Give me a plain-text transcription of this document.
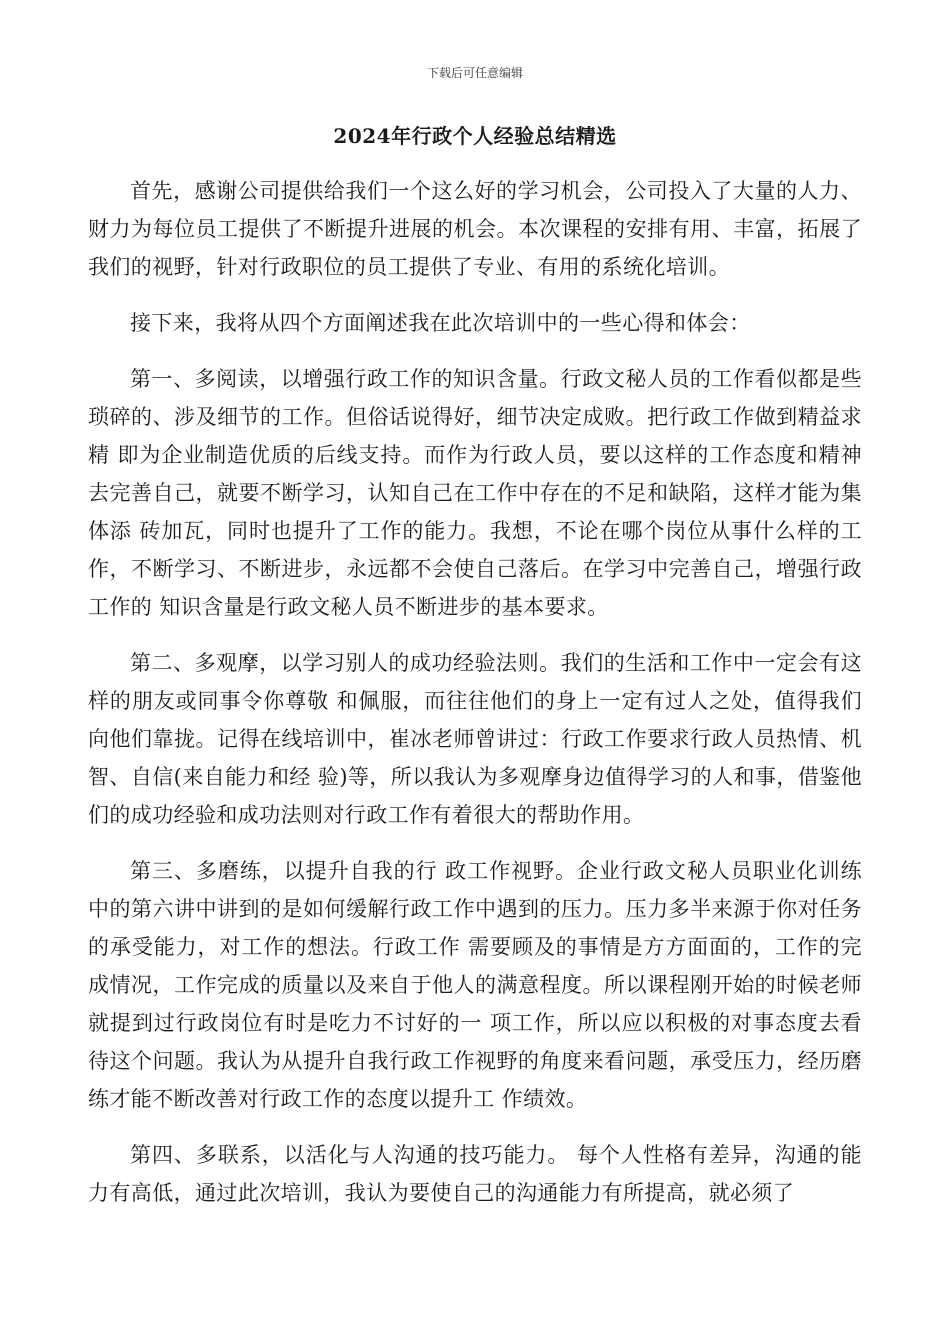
下载后可任意编辑
2024年行政个人经验总结精选

首先，感谢公司提供给我们一个这么好的学习机会，公司投入了大量的人力、财力为每位员工提供了不断提升进展的机会。本次课程的安排有用、丰富，拓展了我们的视野，针对行政职位的员工提供了专业、有用的系统化培训。

接下来，我将从四个方面阐述我在此次培训中的一些心得和体会：

第一、多阅读，以增强行政工作的知识含量。行政文秘人员的工作看似都是些琐碎的、涉及细节的工作。但俗话说得好，细节决定成败。把行政工作做到精益求精 即为企业制造优质的后线支持。而作为行政人员，要以这样的工作态度和精神去完善自己，就要不断学习，认知自己在工作中存在的不足和缺陷，这样才能为集体添 砖加瓦，同时也提升了工作的能力。我想，不论在哪个岗位从事什么样的工作，不断学习、不断进步，永远都不会使自己落后。在学习中完善自己，增强行政工作的 知识含量是行政文秘人员不断进步的基本要求。

第二、多观摩，以学习别人的成功经验法则。我们的生活和工作中一定会有这样的朋友或同事令你尊敬 和佩服，而往往他们的身上一定有过人之处，值得我们向他们靠拢。记得在线培训中，崔冰老师曾讲过：行政工作要求行政人员热情、机智、自信(来自能力和经 验)等，所以我认为多观摩身边值得学习的人和事，借鉴他们的成功经验和成功法则对行政工作有着很大的帮助作用。

第三、多磨练，以提升自我的行 政工作视野。企业行政文秘人员职业化训练中的第六讲中讲到的是如何缓解行政工作中遇到的压力。压力多半来源于你对任务的承受能力，对工作的想法。行政工作 需要顾及的事情是方方面面的，工作的完成情况，工作完成的质量以及来自于他人的满意程度。所以课程刚开始的时候老师就提到过行政岗位有时是吃力不讨好的一 项工作，所以应以积极的对事态度去看待这个问题。我认为从提升自我行政工作视野的角度来看问题，承受压力，经历磨练才能不断改善对行政工作的态度以提升工 作绩效。

第四、多联系，以活化与人沟通的技巧能力。 每个人性格有差异，沟通的能力有高低，通过此次培训，我认为要使自己的沟通能力有所提高，就必须了
